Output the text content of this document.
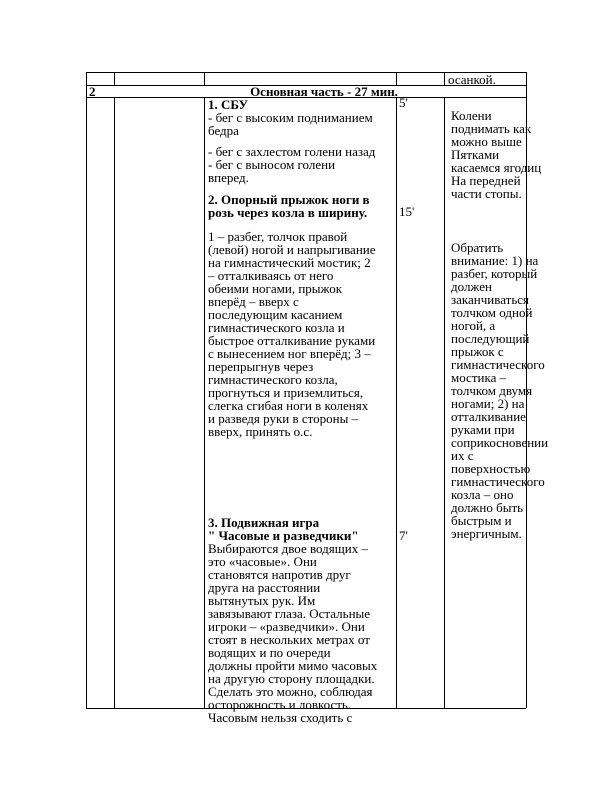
осанкой.
2	Основная часть - 27 мин.
1. СБУ
- бег с высоким подниманием
бедра
- бег с захлестом голени назад
- бег с выносом голени
вперед.
5'
Колени
поднимать как
можно выше
Пятками
касаемся ягодиц
На передней
части стопы.
2. Опорный прыжок ноги в
розь через козла в ширину.
1 – разбег, толчок правой
(левой) ногой и напрыгивание
на гимнастический мостик; 2
– отталкиваясь от него
обеими ногами, прыжок
вперёд – вверх с
последующим касанием
гимнастического козла и
быстрое отталкивание руками
с вынесением ног вперёд; 3 –
перепрыгнув через
гимнастического козла,
прогнуться и приземлиться,
слегка сгибая ноги в коленях
и разведя руки в стороны –
вверх, принять о.с.
15'
Обратить
внимание: 1) на
разбег, который
должен
заканчиваться
толчком одной
ногой, а
последующий
прыжок с
гимнастического
мостика –
толчком двумя
ногами; 2) на
отталкивание
руками при
соприкосновении
их с
поверхностью
гимнастического
козла – оно
должно быть
быстрым и
энергичным.
3. Подвижная игра
" Часовые и разведчики"
Выбираются двое водящих –
это «часовые». Они
становятся напротив друг
друга на расстоянии
вытянутых рук. Им
завязывают глаза. Остальные
игроки – «разведчики». Они
стоят в нескольких метрах от
водящих и по очереди
должны пройти мимо часовых
на другую сторону площадки.
Сделать это можно, соблюдая
осторожность и ловкость.
Часовым нельзя сходить с
7'
